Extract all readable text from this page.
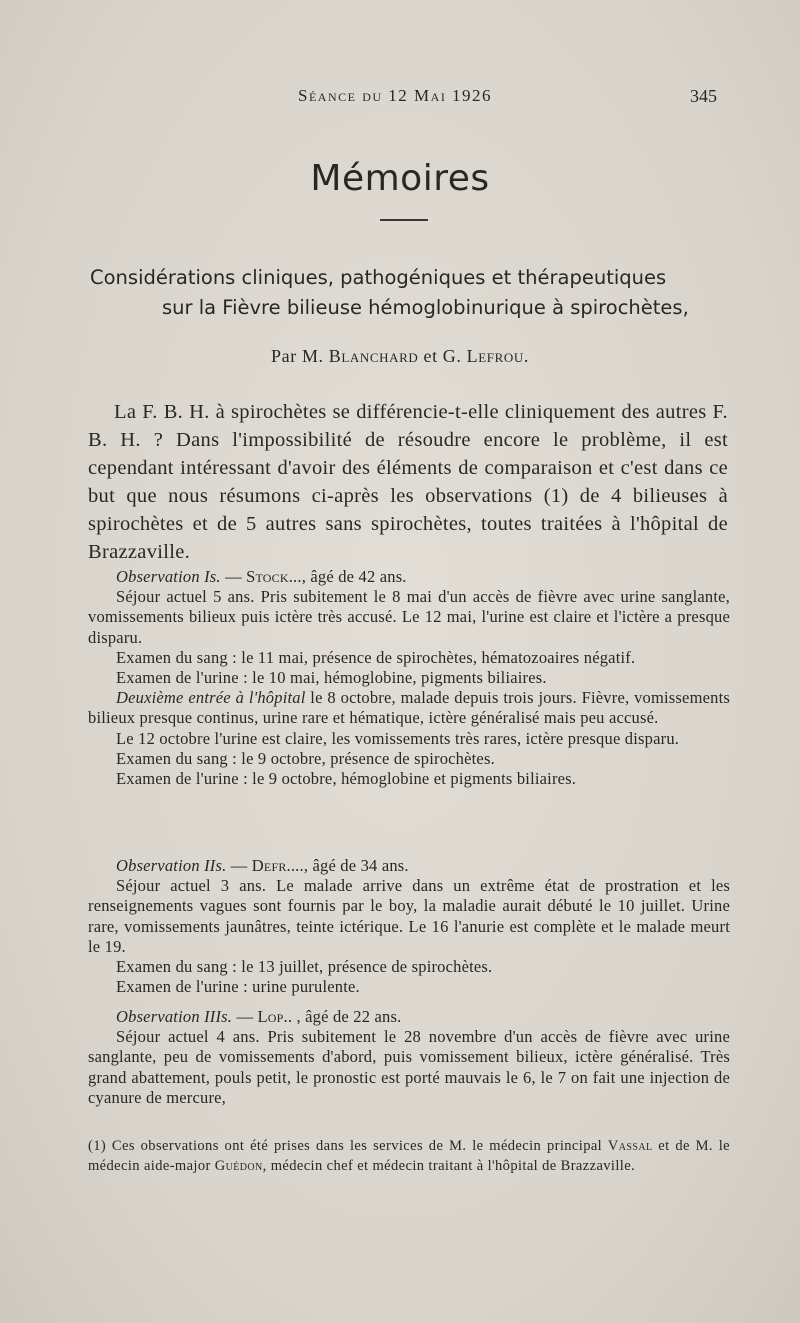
Séance du 12 Mai 1926	345
Mémoires
Considérations cliniques, pathogéniques et thérapeutiques
sur la Fièvre bilieuse hémoglobinurique à spirochètes,
Par M. Blanchard et G. Lefrou.
La F. B. H. à spirochètes se différencie-t-elle cliniquement des autres F. B. H. ? Dans l'impossibilité de résoudre encore le problème, il est cependant intéressant d'avoir des éléments de comparaison et c'est dans ce but que nous résumons ci-après les observations (1) de 4 bilieuses à spirochètes et de 5 autres sans spirochètes, toutes traitées à l'hôpital de Brazzaville.

Observation Is. — Stock..., âgé de 42 ans.

Séjour actuel 5 ans. Pris subitement le 8 mai d'un accès de fièvre avec urine sanglante, vomissements bilieux puis ictère très accusé. Le 12 mai, l'urine est claire et l'ictère a presque disparu.

Examen du sang : le 11 mai, présence de spirochètes, hématozoaires négatif.

Examen de l'urine : le 10 mai, hémoglobine, pigments biliaires.

Deuxième entrée à l'hôpital le 8 octobre, malade depuis trois jours. Fièvre, vomissements bilieux presque continus, urine rare et hématique, ictère généralisé mais peu accusé.

Le 12 octobre l'urine est claire, les vomissements très rares, ictère presque disparu.

Examen du sang : le 9 octobre, présence de spirochètes.

Examen de l'urine : le 9 octobre, hémoglobine et pigments biliaires.

Observation IIs. — Defr...., âgé de 34 ans.

Séjour actuel 3 ans. Le malade arrive dans un extrême état de prostration et les renseignements vagues sont fournis par le boy, la maladie aurait débuté le 10 juillet. Urine rare, vomissements jaunâtres, teinte ictérique. Le 16 l'anurie est complète et le malade meurt le 19.

Examen du sang : le 13 juillet, présence de spirochètes.

Examen de l'urine : urine purulente.

Observation IIIs. — Lop.. , âgé de 22 ans.

Séjour actuel 4 ans. Pris subitement le 28 novembre d'un accès de fièvre avec urine sanglante, peu de vomissements d'abord, puis vomissement bilieux, ictère généralisé. Très grand abattement, pouls petit, le pronostic est porté mauvais le 6, le 7 on fait une injection de cyanure de mercure,

(1) Ces observations ont été prises dans les services de M. le médecin principal Vassal et de M. le médecin aide-major Guédon, médecin chef et médecin traitant à l'hôpital de Brazzaville.
